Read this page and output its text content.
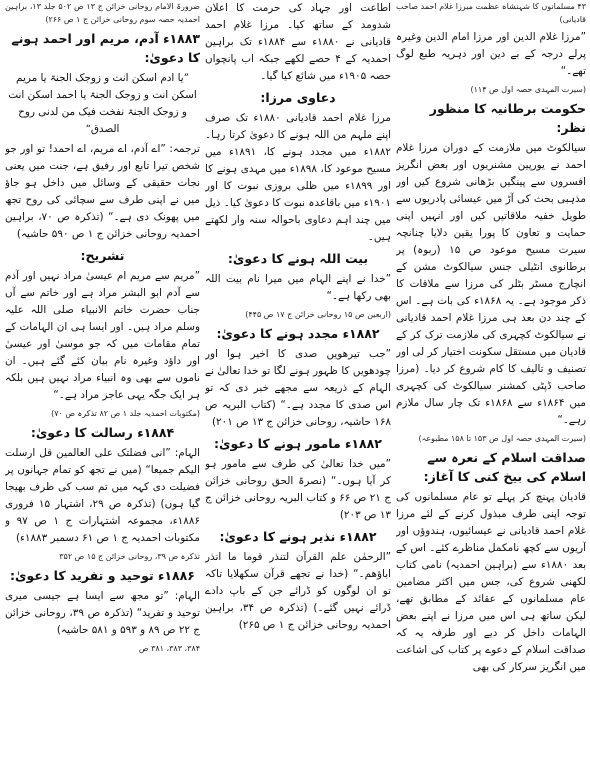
۴۳ مسلمانوں کا شہنشاہ عظمت میرزا غلام احمد صاحب قادیانی)
”مرزا غلام الدین اور مرزا امام الدین وغیرہ پرلے درجہ کے بے دین اور دہریہ طبع لوگ تھے۔“
(سیرت المہدی حصہ اول ص ۱۱۴)
حکومت برطانیہ کا منظور نظر:
سیالکوٹ میں ملازمت کے دوران مرزا غلام احمد نے یورپین مشنریوں اور بعض انگریز افسروں سے پینگیں بڑھانی شروع کیں اور مذہبی بحث کی آڑ میں عیسائی پادریوں سے طویل خفیہ ملاقاتیں کیں اور انہیں اپنی حمایت و تعاون کا پورا یقین دلایا چنانچہ سیرت مسیح موعود ص ۱۵ (ربوہ) پر برطانوی انٹیلی جنس سیالکوٹ مشن کے انچارج مسٹر بٹلر کی مرزا سے ملاقات کا ذکر موجود ہے۔ یہ ۱۸۶۸ء کی بات ہے۔ اس کے چند دن بعد ہی مرزا غلام احمد قادیانی نے سیالکوٹ کچہری کی ملازمت ترک کر کے قادیان میں مستقل سکونت اختیار کر لی اور تصنیف و تالیف کا کام شروع کر دیا۔ (مرزا صاحب ڈپٹی کمشنر سیالکوٹ کی کچہری میں ۱۸۶۴ء سے ۱۸۶۸ء تک چار سال ملازم رہے۔“
(سیرت المہدی حصہ اول ص ۱۵۳ تا ۱۵۸ مطبوعہ)
صداقت اسلام کے نعرہ سے اسلام کی بیخ کنی کا آغاز:
قادیان پہنچ کر پہلے تو عام مسلمانوں کی توجہ اپنی طرف مبذول کرنے کے لئے مرزا غلام احمد قادیانی نے عیسائیوں، ہندوؤں اور آریوں سے کچھ نامکمل مناظرے کئے۔ اس کے بعد ۱۸۸۰ء سے (براہین احمدیہ) نامی کتاب لکھنی شروع کی، جس میں اکثر مضامین عام مسلمانوں کے عقائد کے مطابق تھے، لیکن ساتھ ہی اس میں مرزا نے اپنے بعض الہامات داخل کر دیے اور طرفہ یہ کہ صداقت اسلام کے دعوے پر کتاب کی اشاعت میں انگریز سرکار کی بھی
اطاعت اور جہاد کی حرمت کا اعلان شدومد کے ساتھ کیا۔ مرزا غلام احمد قادیانی نے ۱۸۸۰ء سے ۱۸۸۴ء تک براہین احمدیہ کے ۴ حصے لکھے جبکہ اب پانچواں حصہ ۱۹۰۵ء میں شائع کیا گیا۔
دعاوی مرزا:
مرزا غلام احمد قادیانی ۱۸۸۰ء تک صرف اپنے ملہم من اللہ ہونے کا دعویٰ کرتا رہا۔ ۱۸۸۲ء میں مجدد ہونے کا، ۱۸۹۱ء میں مسیح موعود کا، ۱۸۹۸ء میں مہدی ہونے کا اور ۱۸۹۹ء میں ظلی بروزی نبوت کا اور ۱۹۰۱ء میں باقاعدہ نبوت کا دعویٰ کیا۔ ذیل میں چند اہم دعاوی باحوالہ سنہ وار لکھتے ہیں۔
بیت اللہ ہونے کا دعویٰ:
”خدا نے اپنے الہام میں میرا نام بیت اللہ بھی رکھا ہے۔“
(اربعین ص ۱۵ روحانی خزائن ج ۱۷ ص ۴۴۵)
۱۸۸۲ء مجدد ہونے کا دعویٰ:
”جب تیرھویں صدی کا اخیر ہوا اور چودھویں کا ظہور ہونے لگا تو خدا تعالیٰ نے الہام کے ذریعہ سے مجھے خبر دی کہ تو اس صدی کا مجدد ہے۔“ (کتاب البریہ ص ۱۶۸ حاشیہ، روحانی خزائن ج ۱۳ ص ۲۰۱)
۱۸۸۲ء مامور ہونے کا دعویٰ:
”میں خدا تعالیٰ کی طرف سے مامور ہو کر آیا ہوں۔“ (نصرۃ الحق روحانی خزائن ج ۲۱ ص ۶۶ و کتاب البریہ روحانی خزائن ج ۱۳ ص ۲۰۳)
۱۸۸۲ء نذیر ہونے کا دعویٰ:
”الرحمٰن علم القرآن لتنذر قوما ما انذر اباؤھم۔“ (خدا نے تجھے قرآن سکھلایا تاکہ تو ان لوگوں کو ڈرائے جن کے باپ دادے ڈرائے نہیں گئے۔) (تذکرہ ص ۳۴، براہین احمدیہ روحانی خزائن ج ۱ ص ۲۶۵)
ضرورۃ الامام روحانی خزائن ج ۱۳ ص ۵۰۲ جلد ۱۳، براہین احمدیہ حصہ سوم روحانی خزائن ج ۱ ص ۲۶۶)
۱۸۸۳ء آدم، مریم اور احمد ہونے کا دعویٰ:
”یا ادم اسکن انت و زوجک الجنۃ یا مریم اسکن انت و زوجک الجنۃ یا احمد اسکن انت و زوجک الجنۃ نفخت فیک من لدنی روح الصدق“
ترجمہ: ”اے آدم، اے مریم، اے احمد! تو اور جو شخص تیرا تابع اور رفیق ہے، جنت میں یعنی نجات حقیقی کے وسائل میں داخل ہو جاؤ میں نے اپنی طرف سے سچائی کی روح تجھ میں پھونک دی ہے۔“ (تذکرہ ص ۷۰، براہین احمدیہ روحانی خزائن ج ۱ ص ۵۹۰ حاشیہ)
تشریح:
”مریم سے مریم ام عیسیٰ مراد نہیں اور آدم سے آدم ابو البشر مراد ہے اور خاتم سے آں جناب حضرت خاتم الانبیاء صلی اللہ علیہ وسلم مراد ہیں۔ اور ایسا ہی ان الہامات کے تمام مقامات میں کہ جو موسیٰ اور عیسیٰ اور داؤد وغیرہ نام بیان کئے گئے ہیں۔ ان ناموں سے بھی وہ انبیاء مراد نہیں ہیں بلکہ ہر ایک جگہ یہی عاجز مراد ہے۔“
(مکتوبات احمدیہ جلد ۱ ص ۸۲ تذکرہ ص ۷۰)
۱۸۸۴ء رسالت کا دعویٰ:
الہام: ”انی فضلتک علی العالمین قل ارسلت الیکم جمیعا“ (میں نے تجھ کو تمام جہانوں پر فضیلت دی کہہ میں تم سب کی طرف بھیجا گیا ہوں) (تذکرہ ص ۲۹، اشتہار ۱۵ فروری ۱۸۸۶ء، مجموعہ اشتہارات ج ۱ ص ۹۷ و مکتوبات احمدیہ ج ۱ ص ۶۱ دسمبر ۱۸۸۳ء)
تذکرہ ص ۳۹، روحانی خزائن ج ۱۵ ص ۳۵۲
۱۸۸۶ء توحید و تفرید کا دعویٰ:
الہام: ”تو مجھ سے ایسا ہے جیسی میری توحید و تفرید“ (تذکرہ ص ۳۹، روحانی خزائن ج ۲۲ ص ۸۹ و ۵۹۳ و ۵۸۱ حاشیہ)
۳۸۴، ۳۸۳، ۳۸۱ ص
